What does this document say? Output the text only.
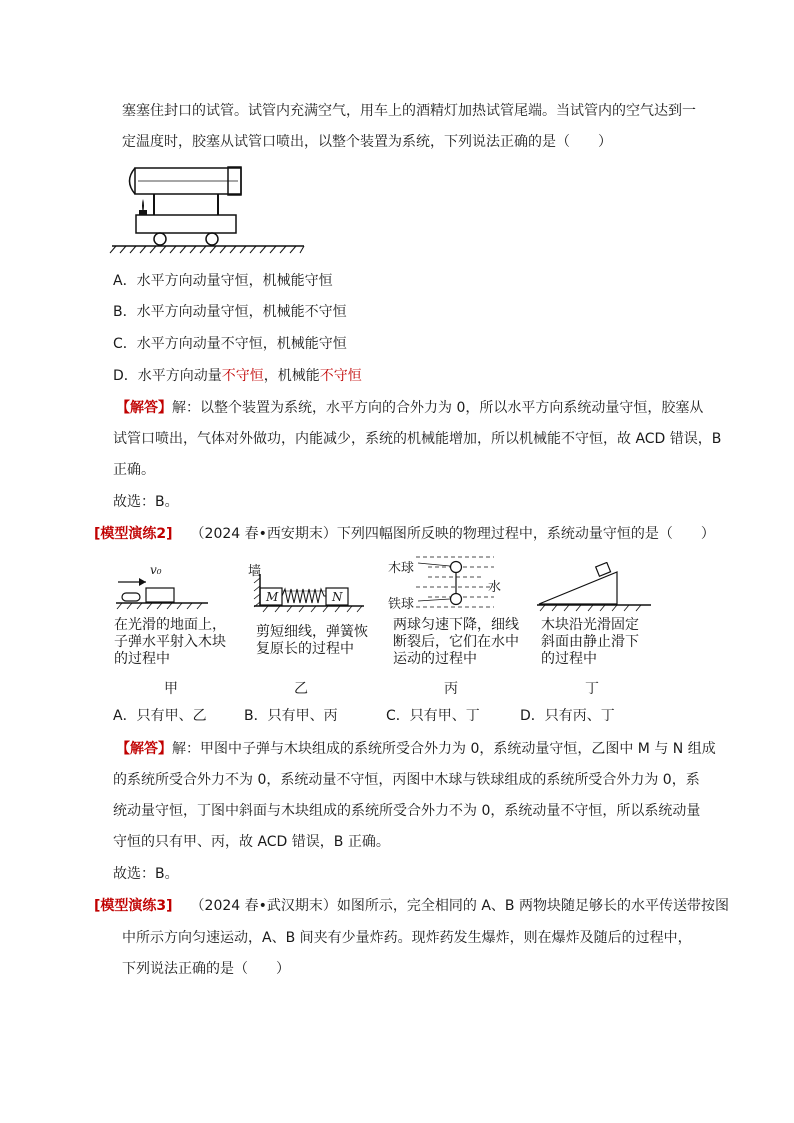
塞塞住封口的试管。试管内充满空气，用车上的酒精灯加热试管尾端。当试管内的空气达到一
定温度时，胶塞从试管口喷出，以整个装置为系统，下列说法正确的是（　　）
A．水平方向动量守恒，机械能守恒
B．水平方向动量守恒，机械能不守恒
C．水平方向动量不守恒，机械能守恒
D．水平方向动量不守恒，机械能不守恒
【解答】解：以整个装置为系统，水平方向的合外力为 0，所以水平方向系统动量守恒，胶塞从
试管口喷出，气体对外做功，内能减少，系统的机械能增加，所以机械能不守恒，故 ACD 错误，B
正确。
故选：B。
[模型演练2] （2024 春•西安期末）下列四幅图所反映的物理过程中，系统动量守恒的是（　　）
v₀
在光滑的地面上，
子弹水平射入木块
的过程中
甲
墙
M	N
剪短细线，弹簧恢
复原长的过程中
乙
木球
水
铁球
两球匀速下降，细线
断裂后，它们在水中
运动的过程中
丙
木块沿光滑固定
斜面由静止滑下
的过程中
丁
A．只有甲、乙	B．只有甲、丙	C．只有甲、丁	D．只有丙、丁
【解答】解：甲图中子弹与木块组成的系统所受合外力为 0，系统动量守恒，乙图中 M 与 N 组成
的系统所受合外力不为 0，系统动量不守恒，丙图中木球与铁球组成的系统所受合外力为 0，系
统动量守恒，丁图中斜面与木块组成的系统所受合外力不为 0，系统动量不守恒，所以系统动量
守恒的只有甲、丙，故 ACD 错误，B 正确。
故选：B。
[模型演练3] （2024 春•武汉期末）如图所示，完全相同的 A、B 两物块随足够长的水平传送带按图
中所示方向匀速运动，A、B 间夹有少量炸药。现炸药发生爆炸，则在爆炸及随后的过程中，
下列说法正确的是（　　）
